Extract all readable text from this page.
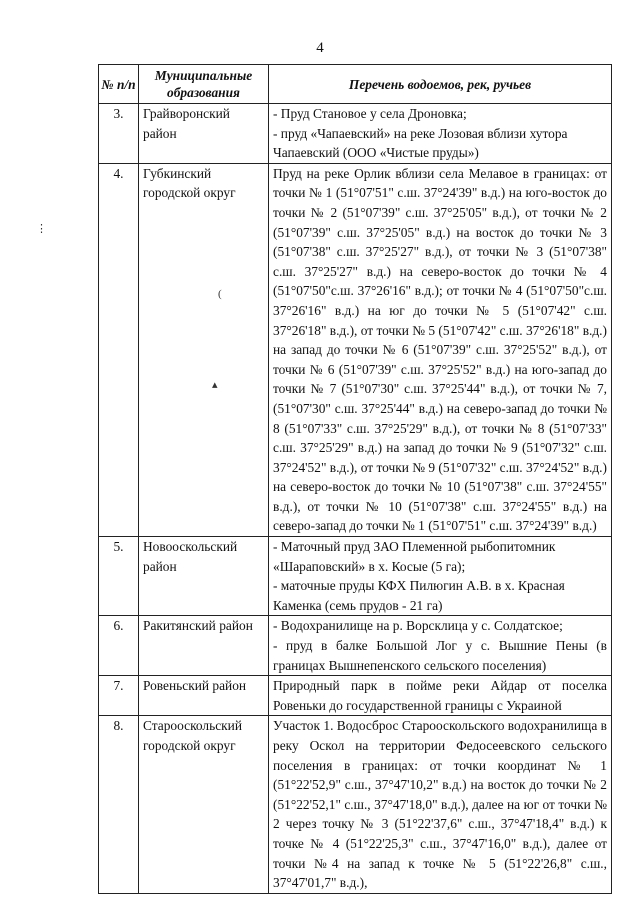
4
⋮
(
▴
№ п/п	Муниципальные образования	Перечень водоемов, рек, ручьев
3.	Грайворонский район	- Пруд Становое у села Дроновка;
- пруд «Чапаевский» на реке Лозовая вблизи хутора Чапаевский (ООО «Чистые пруды»)

4.	Губкинский городской округ	Пруд на реке Орлик вблизи села Мелавое в границах: от точки № 1 (51°07'51" с.ш. 37°24'39" в.д.) на юго-восток до точки № 2 (51°07'39" с.ш. 37°25'05" в.д.), от точки № 2 (51°07'39" с.ш. 37°25'05" в.д.) на восток до точки № 3 (51°07'38" с.ш. 37°25'27" в.д.), от точки № 3 (51°07'38" с.ш. 37°25'27" в.д.) на северо-восток до точки № 4 (51°07'50"с.ш. 37°26'16" в.д.); от точки № 4 (51°07'50"с.ш. 37°26'16" в.д.) на юг до точки № 5 (51°07'42" с.ш. 37°26'18" в.д.), от точки № 5 (51°07'42" с.ш. 37°26'18" в.д.) на запад до точки № 6 (51°07'39" с.ш. 37°25'52" в.д.), от точки № 6 (51°07'39" с.ш. 37°25'52" в.д.) на юго-запад до точки № 7 (51°07'30" с.ш. 37°25'44" в.д.), от точки № 7, (51°07'30" с.ш. 37°25'44" в.д.) на северо-запад до точки № 8 (51°07'33" с.ш. 37°25'29" в.д.), от точки № 8 (51°07'33" с.ш. 37°25'29" в.д.) на запад до точки № 9 (51°07'32" с.ш. 37°24'52" в.д.), от точки № 9 (51°07'32" с.ш. 37°24'52" в.д.) на северо-восток до точки № 10 (51°07'38" с.ш. 37°24'55" в.д.), от точки № 10 (51°07'38" с.ш. 37°24'55" в.д.) на северо-запад до точки № 1 (51°07'51" с.ш. 37°24'39" в.д.)

5.	Новооскольский район	- Маточный пруд ЗАО Племенной рыбопитомник «Шараповский» в х. Косые (5 га);
- маточные пруды КФХ Пилюгин А.В. в х. Красная Каменка (семь прудов - 21 га)

6.	Ракитянский район	- Водохранилище на р. Ворсклица у с. Солдатское;
- пруд в балке Большой Лог у с. Вышние Пены (в границах Вышнепенского сельского поселения)

7.	Ровеньский район	Природный парк в пойме реки Айдар от поселка Ровеньки до государственной границы с Украиной

8.	Старооскольский городской округ	Участок 1. Водосброс Старооскольского водохранилища в реку Оскол на территории Федосеевского сельского поселения в границах: от точки координат № 1 (51°22'52,9" с.ш., 37°47'10,2" в.д.) на восток до точки № 2 (51°22'52,1" с.ш., 37°47'18,0" в.д.), далее на юг от точки № 2 через точку № 3 (51°22'37,6" с.ш., 37°47'18,4" в.д.) к точке № 4 (51°22'25,3" с.ш., 37°47'16,0" в.д.), далее от точки №4 на запад к точке № 5 (51°22'26,8" с.ш., 37°47'01,7" в.д.),
